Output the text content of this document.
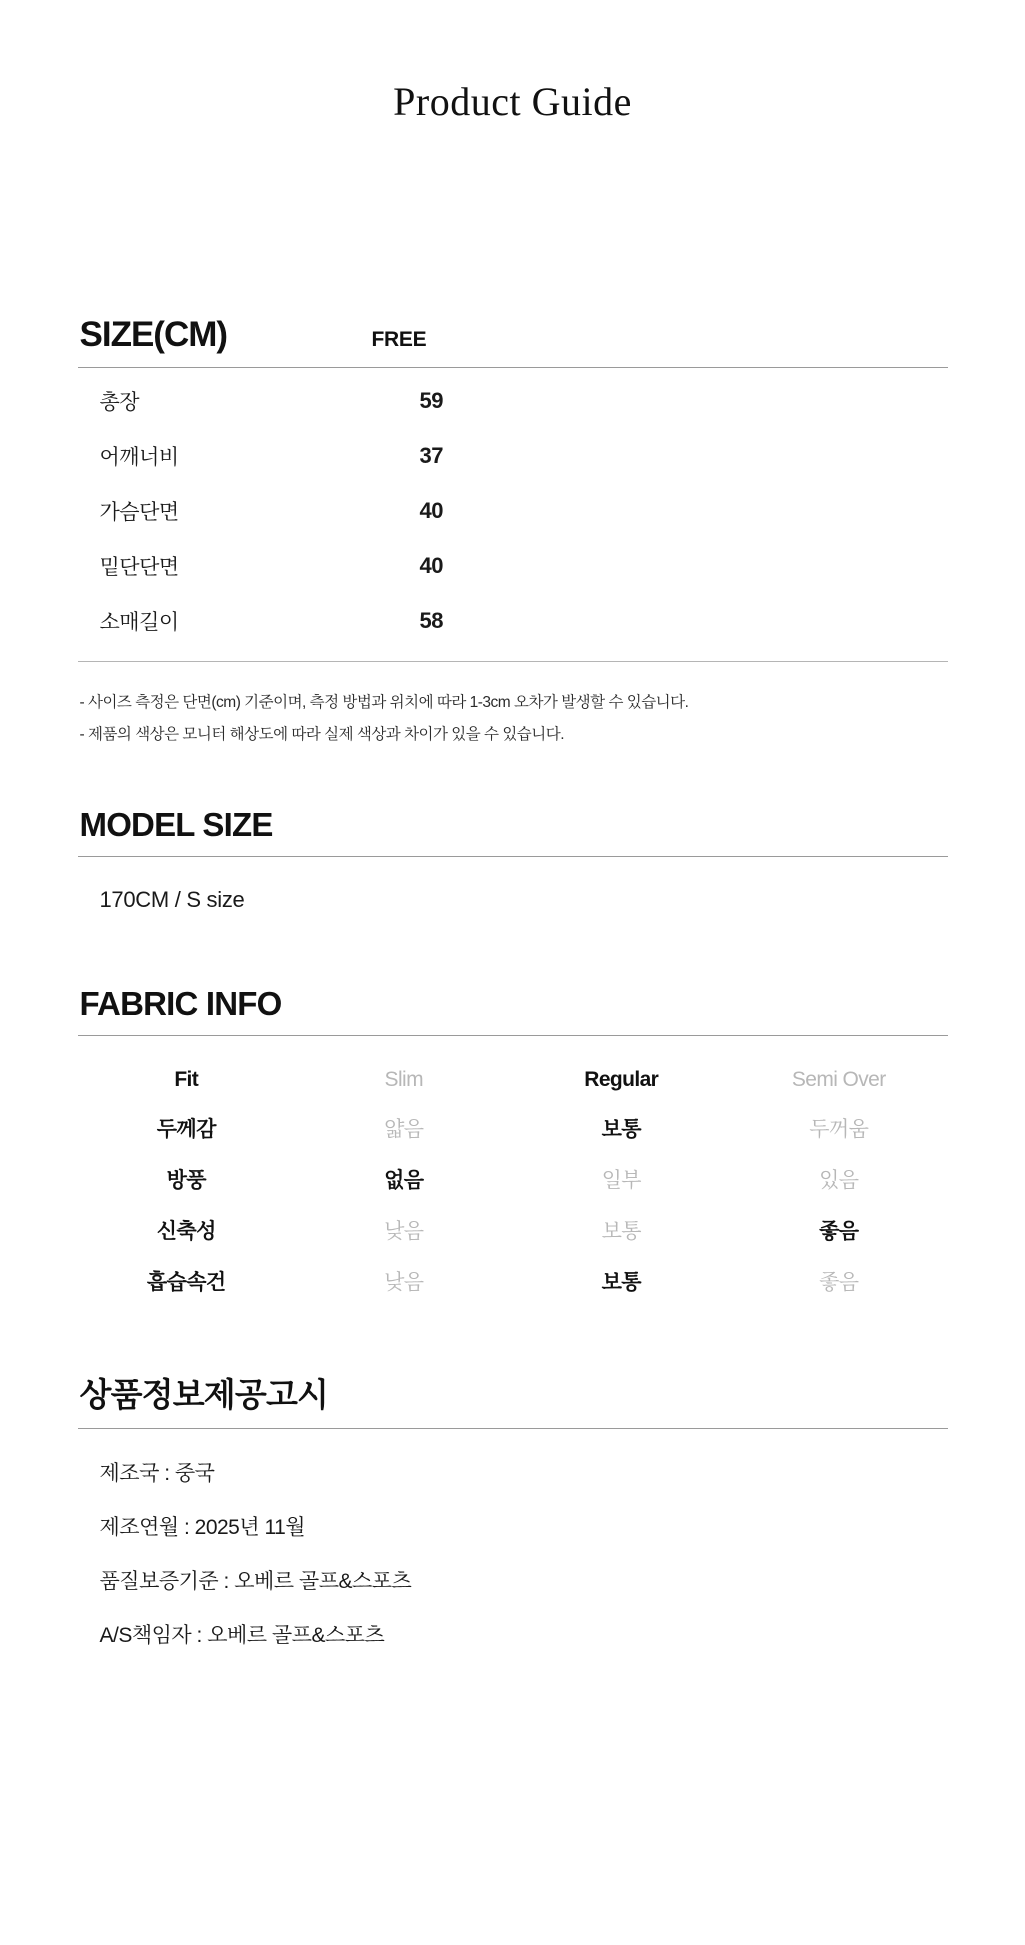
Product Guide
SIZE(CM)	FREE
총장	59
어깨너비	37
가슴단면	40
밑단단면	40
소매길이	58

- 사이즈 측정은 단면(cm) 기준이며, 측정 방법과 위치에 따라 1-3cm 오차가 발생할 수 있습니다.

- 제품의 색상은 모니터 해상도에 따라 실제 색상과 차이가 있을 수 있습니다.

MODEL SIZE
170CM / S size
FABRIC INFO
Fit	Slim	Regular	Semi Over
두께감	얇음	보통	두꺼움
방풍	없음	일부	있음
신축성	낮음	보통	좋음
흡습속건	낮음	보통	좋음
상품정보제공고시

제조국 : 중국

제조연월 : 2025년 11월

품질보증기준 : 오베르 골프&스포츠

A/S책임자 : 오베르 골프&스포츠
